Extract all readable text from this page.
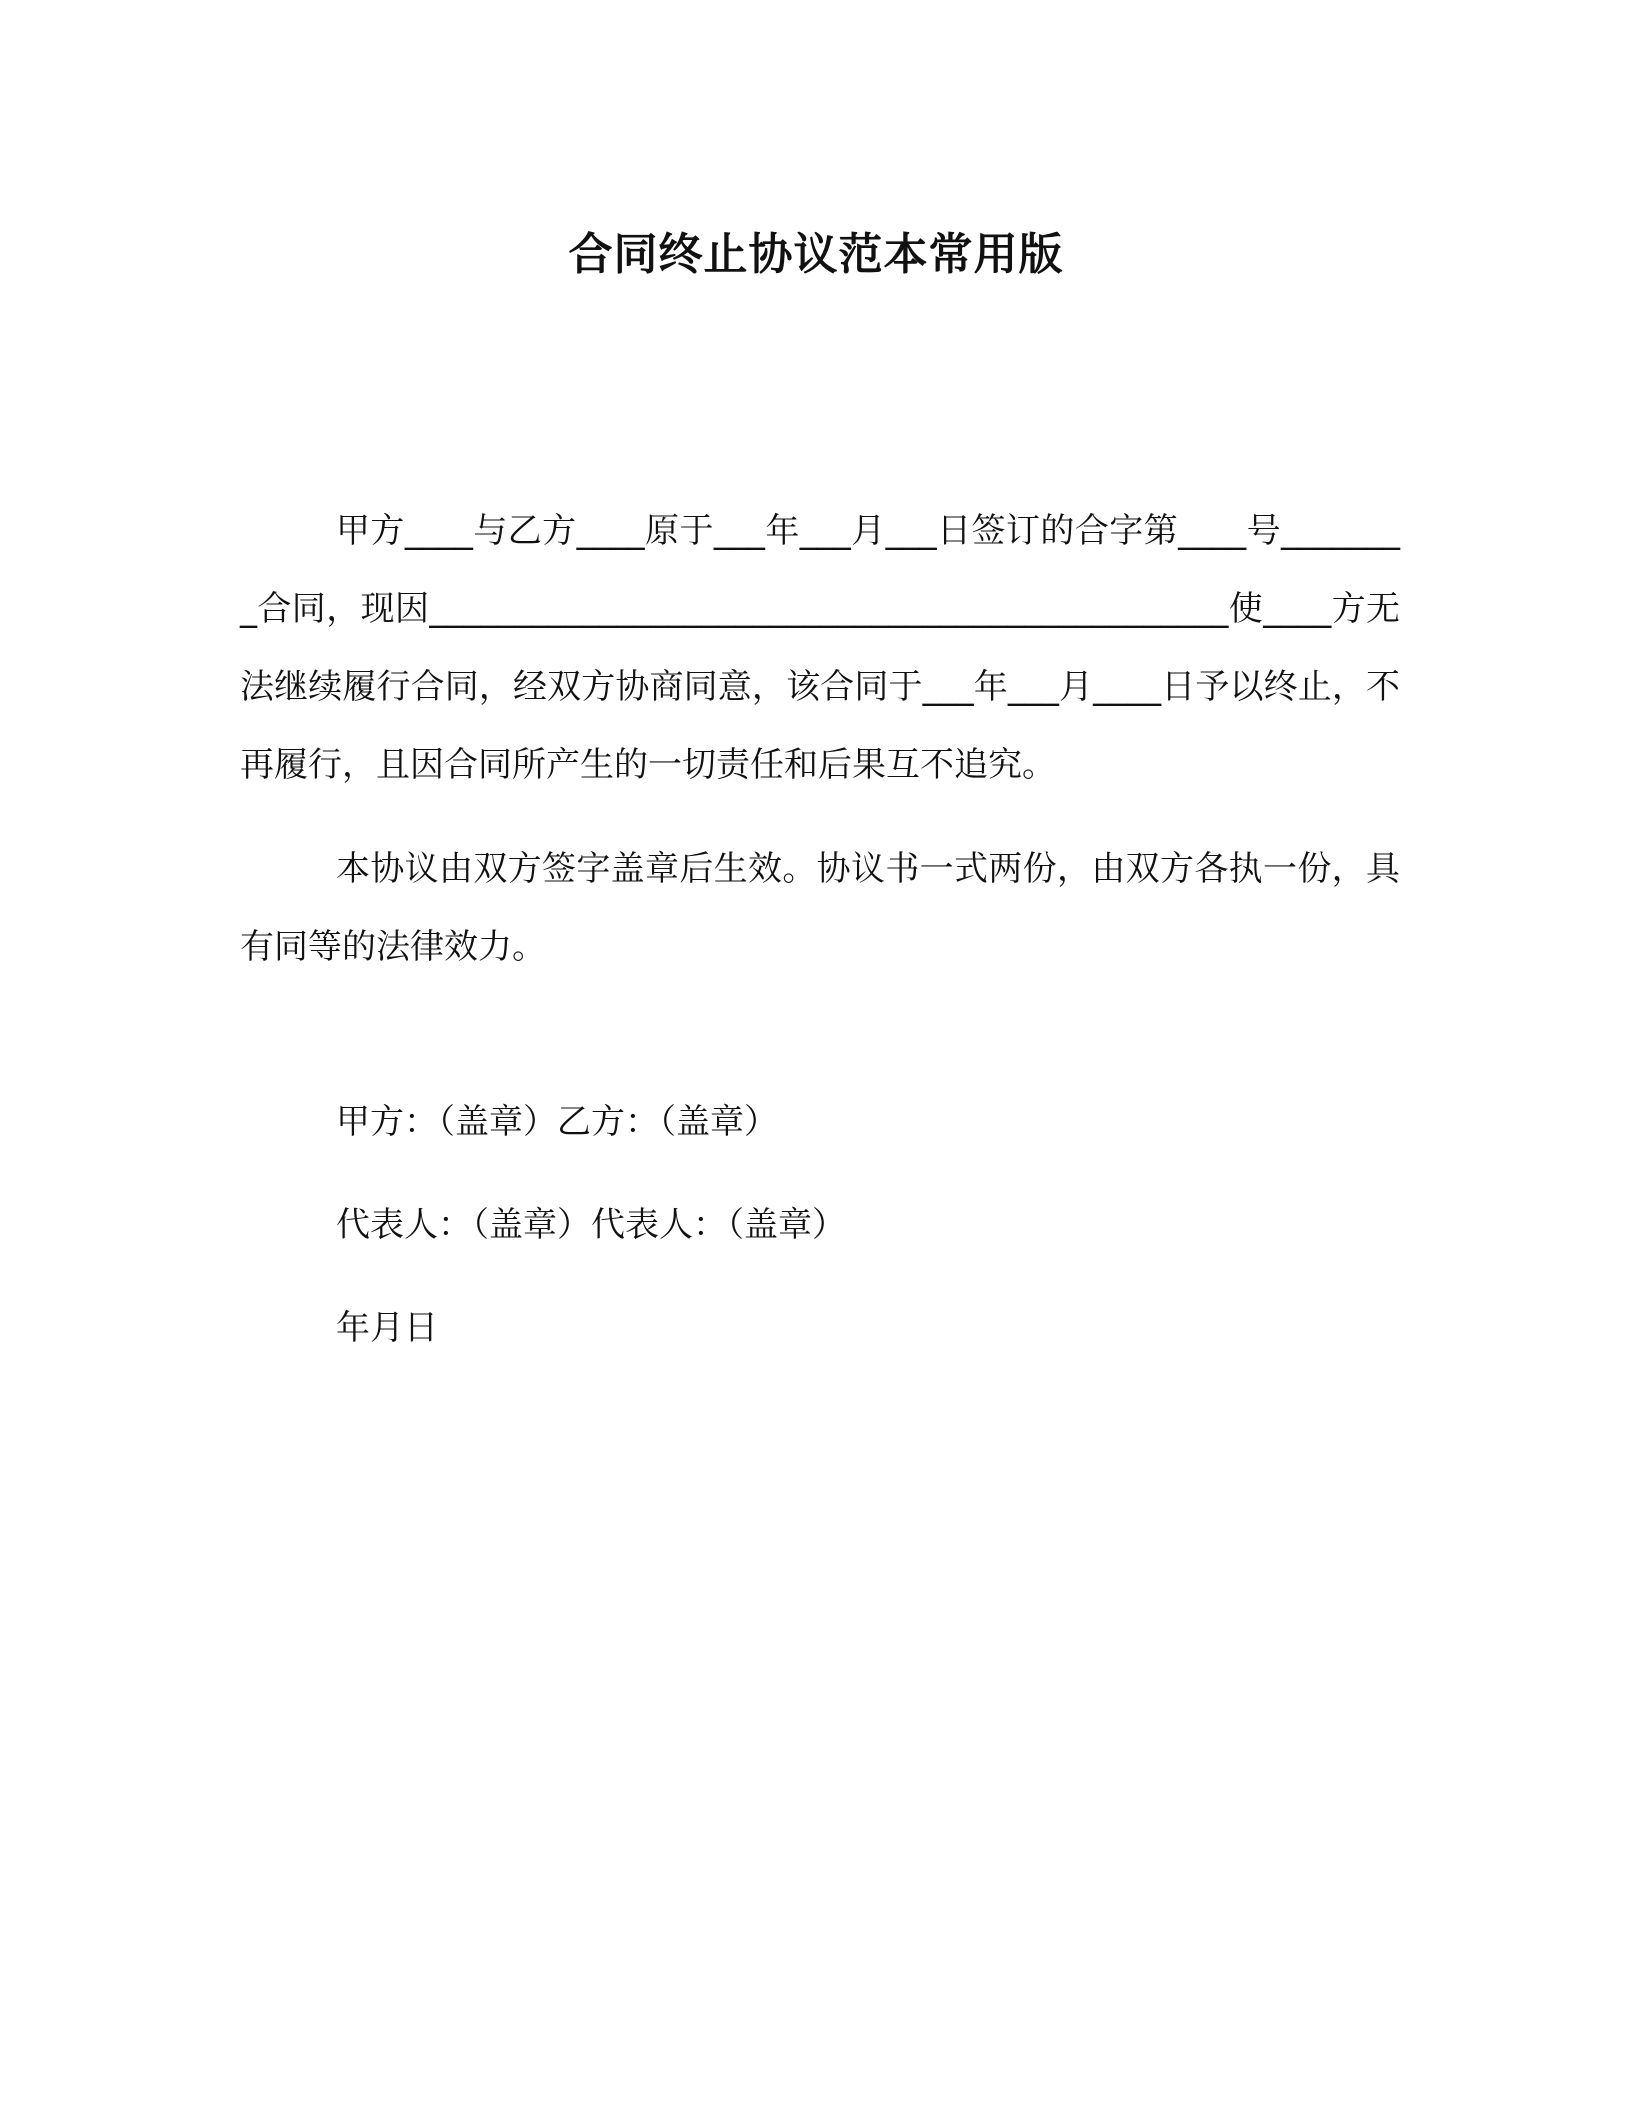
合同终止协议范本常用版

甲方____与乙方____原于___年___月___日签订的合字第____号________合同，现因_______________________________________________使____方无法继续履行合同，经双方协商同意，该合同于___年___月____日予以终止，不再履行，且因合同所产生的一切责任和后果互不追究。

本协议由双方签字盖章后生效。协议书一式两份，由双方各执一份，具有同等的法律效力。

甲方：（盖章）乙方：（盖章）

代表人：（盖章）代表人：（盖章）

年月日
